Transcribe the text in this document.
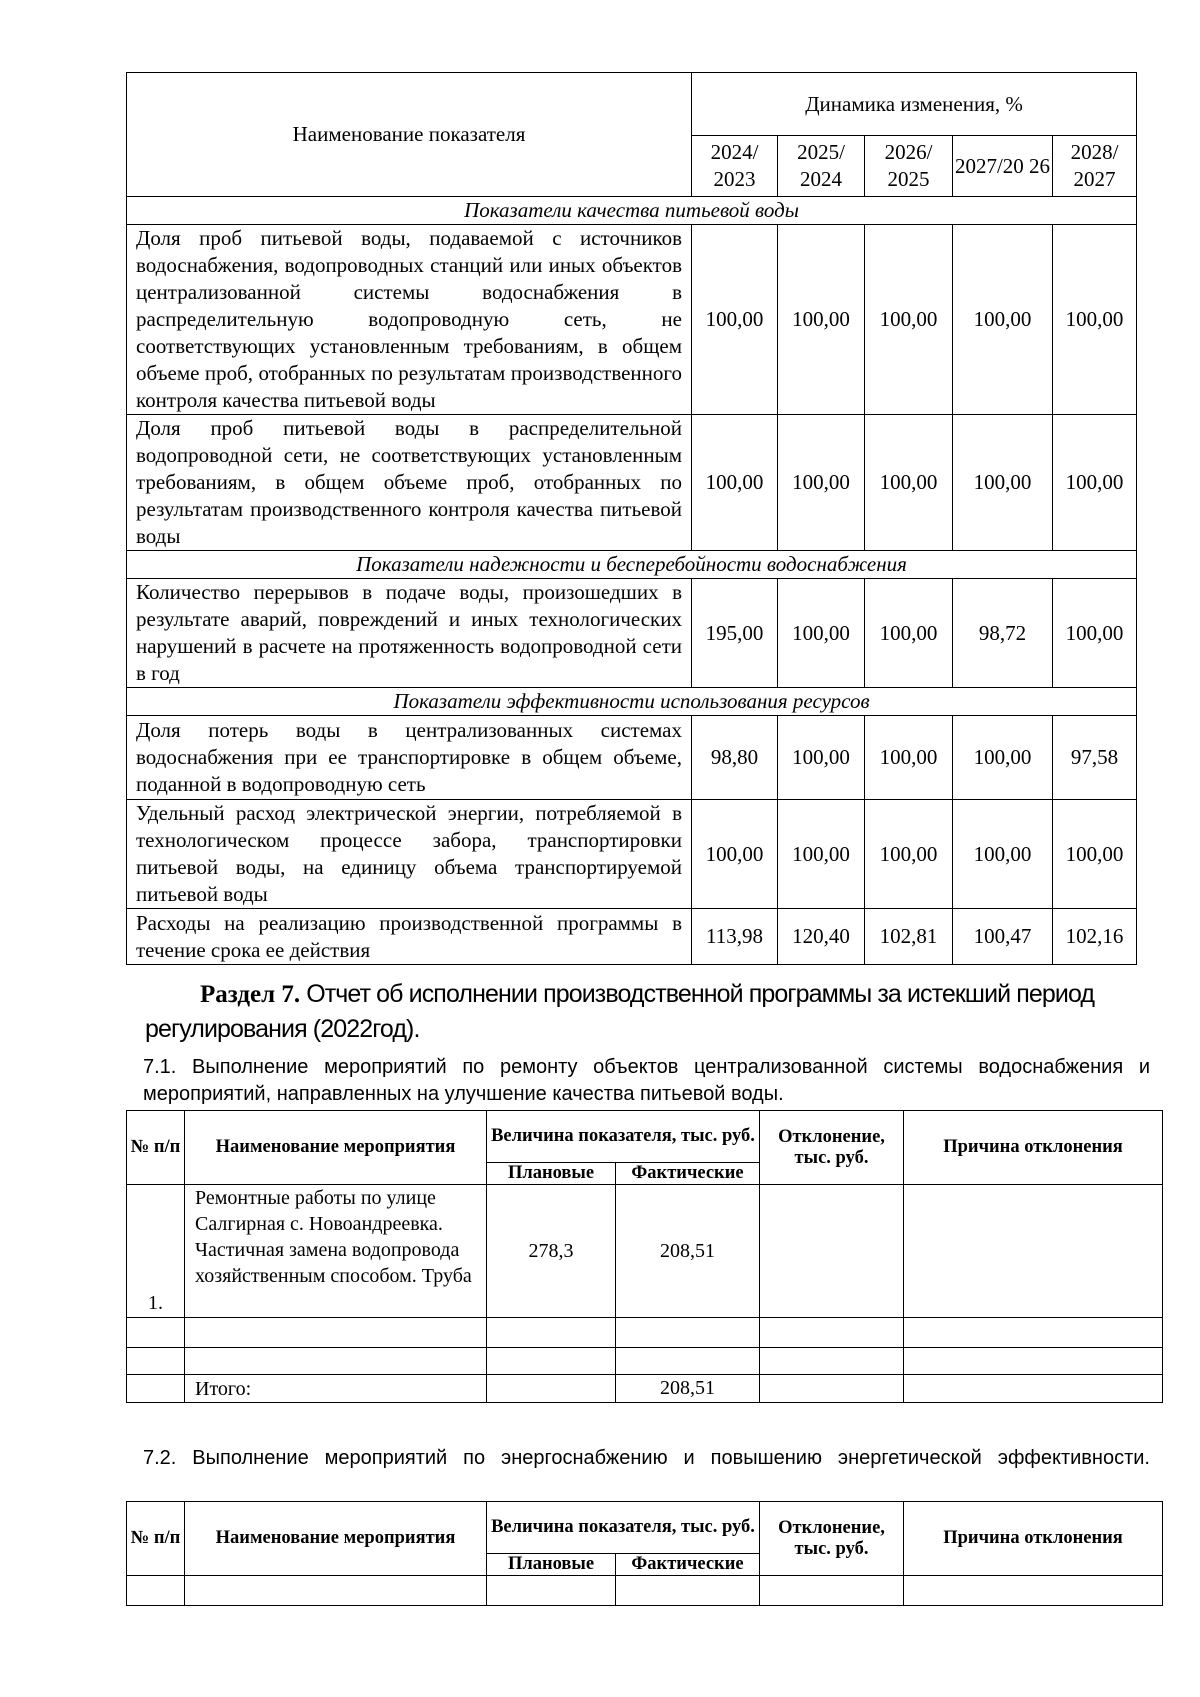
Наименование показателя	Динамика изменения, %				
	2024/ 2023	2025/ 2024	2026/ 2025	2027/20 26	2028/ 2027
Показатели качества питьевой воды					
Доля проб питьевой воды, подаваемой с источников водоснабжения, водопроводных станций или иных объектов централизованной системы водоснабжения в распределительную водопроводную сеть, не соответствующих установленным требованиям, в общем объеме проб, отобранных по результатам производственного контроля качества питьевой воды	100,00	100,00	100,00	100,00	100,00
Доля проб питьевой воды в распределительной водопроводной сети, не соответствующих установленным требованиям, в общем объеме проб, отобранных по результатам производственного контроля качества питьевой воды	100,00	100,00	100,00	100,00	100,00
Показатели надежности и бесперебойности водоснабжения					
Количество перерывов в подаче воды, произошедших в результате аварий, повреждений и иных технологических нарушений в расчете на протяженность водопроводной сети в год	195,00	100,00	100,00	98,72	100,00
Показатели эффективности использования ресурсов					
Доля потерь воды в централизованных системах водоснабжения при ее транспортировке в общем объеме, поданной в водопроводную сеть	98,80	100,00	100,00	100,00	97,58
Удельный расход электрической энергии, потребляемой в технологическом процессе забора, транспортировки питьевой воды, на единицу объема транспортируемой питьевой воды	100,00	100,00	100,00	100,00	100,00
Расходы на реализацию производственной программы в течение срока ее действия	113,98	120,40	102,81	100,47	102,16
Раздел 7. Отчет об исполнении производственной программы за истекший период
регулирования (2022год).
7.1. Выполнение мероприятий по ремонту объектов централизованной системы водоснабжения и мероприятий, направленных на улучшение качества питьевой воды.
№ п/п	Наименование мероприятия	Величина показателя, тыс. руб.		Отклонение, тыс. руб.	Причина отклонения
		Плановые	Фактические		
1.	Ремонтные работы по улице Салгирная с. Новоандреевка. Частичная замена водопровода хозяйственным способом. Труба	278,3	208,51		

	Итого:		208,51		
7.2. Выполнение мероприятий по энергоснабжению и повышению энергетической эффективности.
№ п/п	Наименование мероприятия	Величина показателя, тыс. руб.		Отклонение, тыс. руб.	Причина отклонения
		Плановые	Фактические		
